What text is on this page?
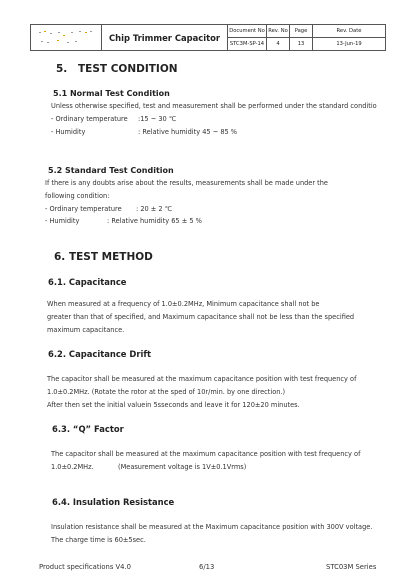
	Chip Trimmer Capacitor	Document No	Rev. No	Page	Rev. Date
		STC3M-SP-14	4	13	13-Jun-19
5. TEST CONDITION
5.1 Normal Test Condition
Unless otherwise specified, test and measurement shall be performed under the standard conditio
- Ordinary temperature :15 ~ 30 ℃
- Humidity	: Relative humidity 45 ~ 85 %
5.2 Standard Test Condition
If there is any doubts arise about the results, measurements shall be made under the
following condition:
- Ordinary temperature : 20 ± 2 ℃
- Humidity	: Relative humidity 65 ± 5 %
6. TEST METHOD
6.1. Capacitance
When measured at a frequency of 1.0±0.2MHz, Minimum capacitance shall not be
greater than that of specified, and Maximum capacitance shall not be less than the specified
maximum capacitance.
6.2. Capacitance Drift
The capacitor shall be measured at the maximum capacitance position with test frequency of
1.0±0.2MHz. (Rotate the rotor at the sped of 10r/min. by one direction.)
After then set the initial valuein 5sseconds and leave it for 120±20 minutes.
6.3. “Q” Factor
The capacitor shall be measured at the maximum capacitance position with test frequency of
1.0±0.2MHz.	(Measurement voltage is 1V±0.1Vrms)
6.4. Insulation Resistance
Insulation resistance shall be measured at the Maximum capacitance position with 300V voltage.
The charge time is 60±5sec.
Product specifications V4.0	6/13	STC03M Series
